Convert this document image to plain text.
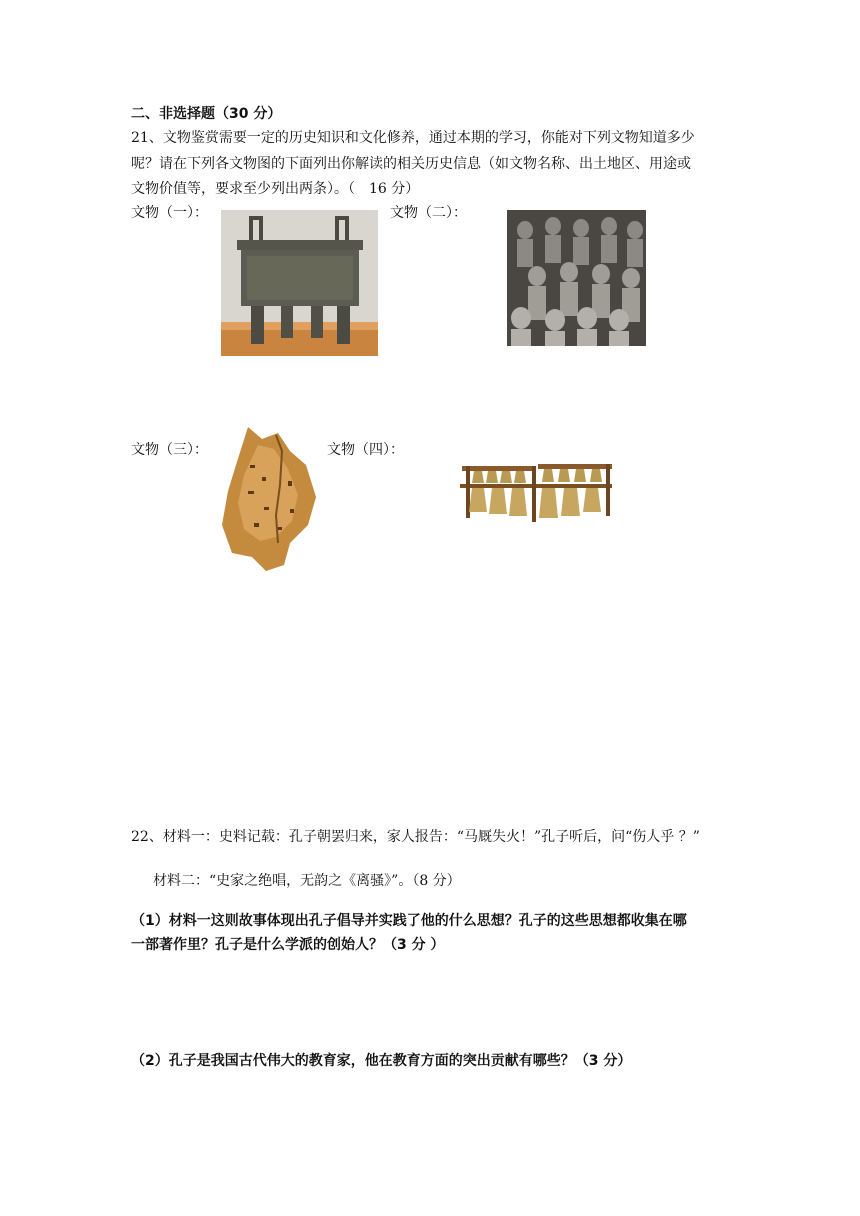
二、非选择题（30 分）
21、文物鉴赏需要一定的历史知识和文化修养，通过本期的学习，你能对下列文物知道多少
呢？请在下列各文物图的下面列出你解读的相关历史信息（如文物名称、出土地区、用途或
文物价值等，要求至少列出两条）。（　16 分）
文物（一）：	文物（二）：
文物（三）：	文物（四）：
22、材料一：史料记载：孔子朝罢归来，家人报告：“马厩失火！”孔子听后，问“伤人乎 ？”
材料二：“史家之绝唱，无韵之《离骚》”。（8 分）
（1）材料一这则故事体现出孔子倡导并实践了他的什么思想？孔子的这些思想都收集在哪
一部著作里？孔子是什么学派的创始人？（3 分 ）
（2）孔子是我国古代伟大的教育家，他在教育方面的突出贡献有哪些？（3 分）
